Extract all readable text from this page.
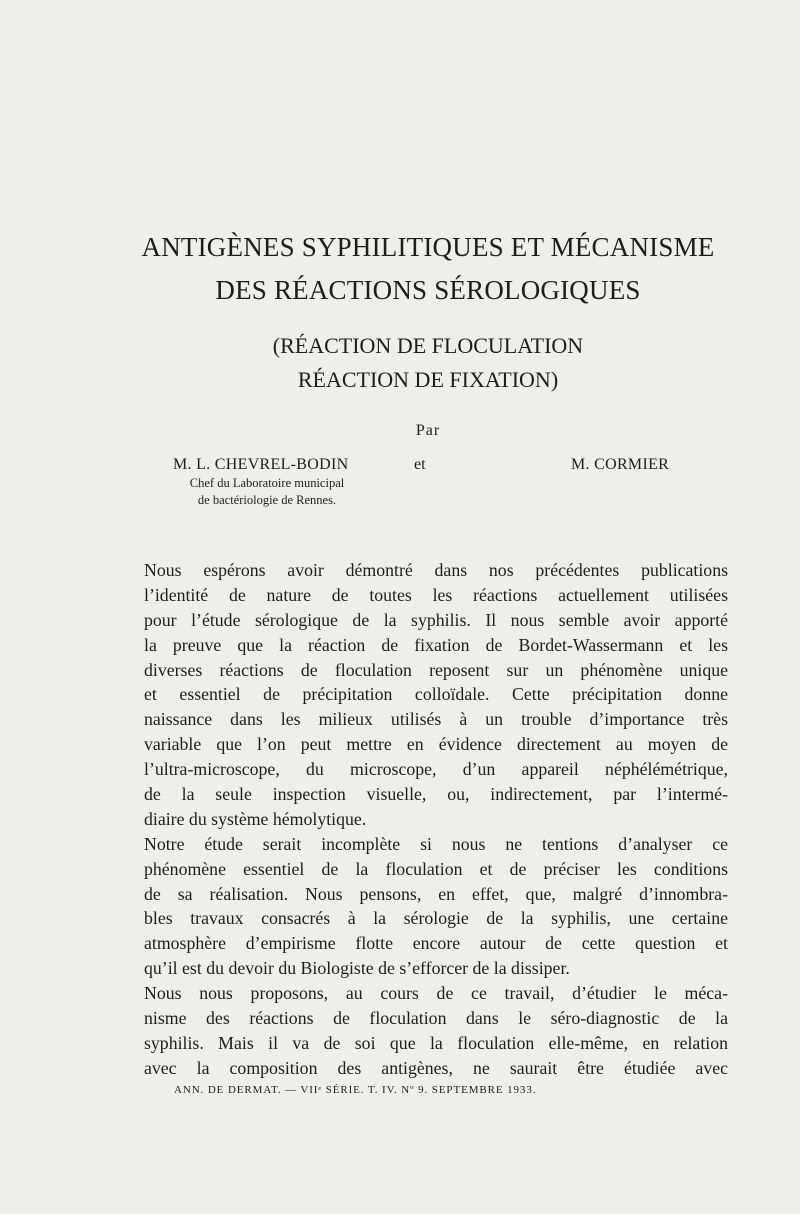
ANTIGÈNES SYPHILITIQUES ET MÉCANISME
DES RÉACTIONS SÉROLOGIQUES
(RÉACTION DE FLOCULATION
RÉACTION DE FIXATION)
Par
M. L. CHEVREL-BODIN	et	M. CORMIER
Chef du Laboratoire municipal
de bactériologie de Rennes.
Nous espérons avoir démontré dans nos précédentes publications
l’identité de nature de toutes les réactions actuellement utilisées
pour l’étude sérologique de la syphilis. Il nous semble avoir apporté
la preuve que la réaction de fixation de Bordet-Wassermann et les
diverses réactions de floculation reposent sur un phénomène unique
et essentiel de précipitation colloïdale. Cette précipitation donne
naissance dans les milieux utilisés à un trouble d’importance très
variable que l’on peut mettre en évidence directement au moyen de
l’ultra-microscope, du microscope, d’un appareil néphélémétrique,
de la seule inspection visuelle, ou, indirectement, par l’intermé-
diaire du système hémolytique.
Notre étude serait incomplète si nous ne tentions d’analyser ce
phénomène essentiel de la floculation et de préciser les conditions
de sa réalisation. Nous pensons, en effet, que, malgré d’innombra-
bles travaux consacrés à la sérologie de la syphilis, une certaine
atmosphère d’empirisme flotte encore autour de cette question et
qu’il est du devoir du Biologiste de s’efforcer de la dissiper.
Nous nous proposons, au cours de ce travail, d’étudier le méca-
nisme des réactions de floculation dans le séro-diagnostic de la
syphilis. Mais il va de soi que la floculation elle-même, en relation
avec la composition des antigènes, ne saurait être étudiée avec
ANN. DE DERMAT. — VIIᵉ SÉRIE. T. IV. Nº 9. SEPTEMBRE 1933.
